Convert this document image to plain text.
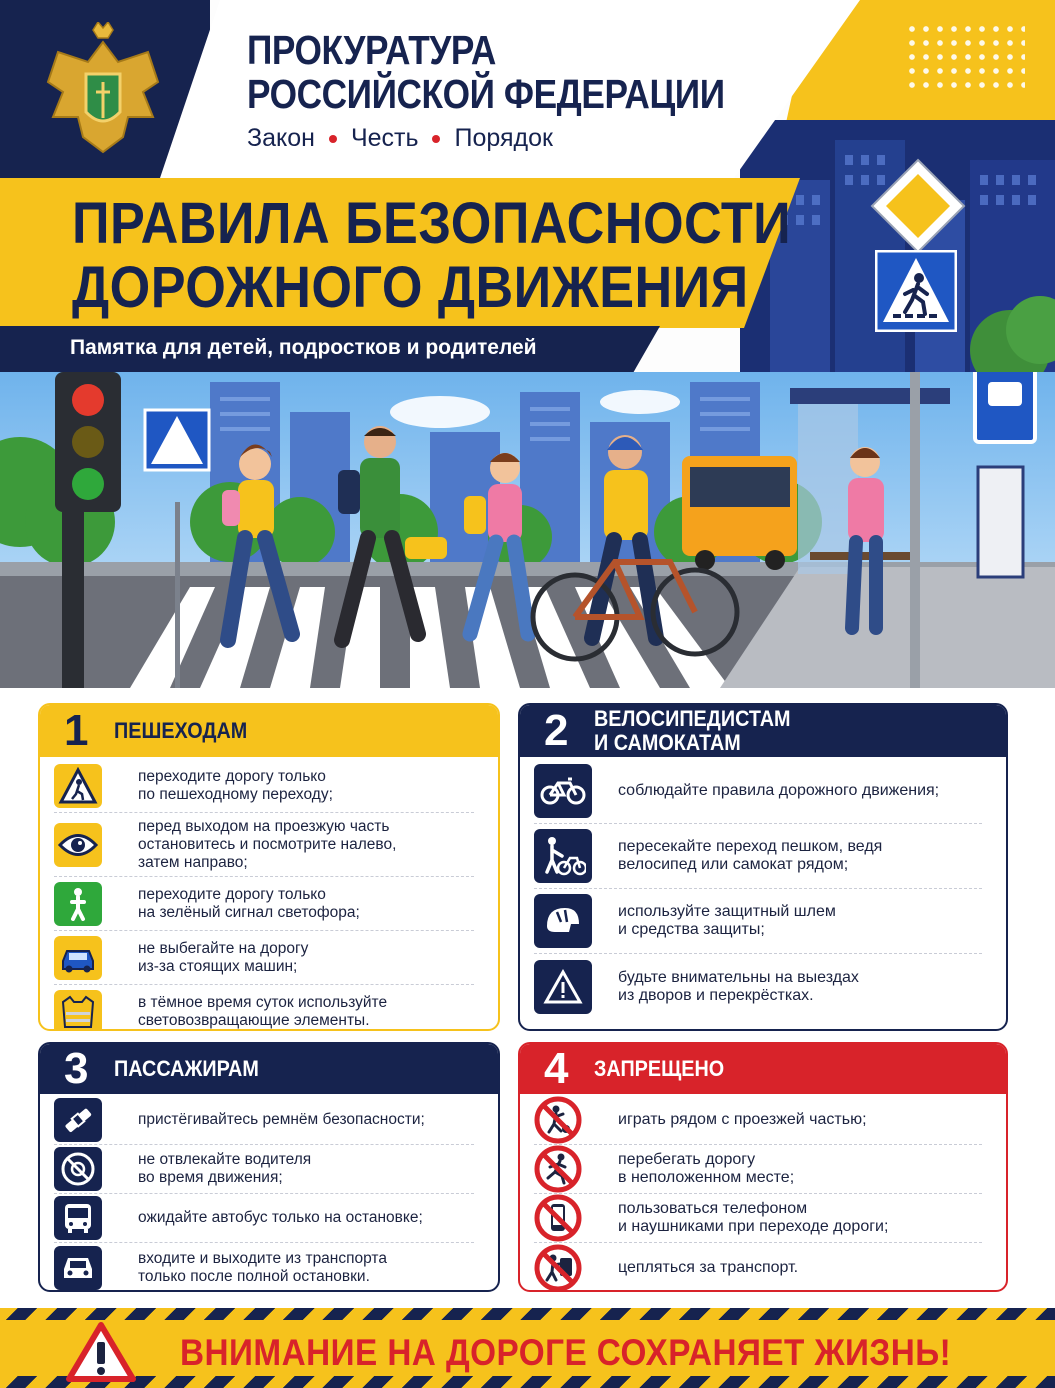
ПРОКУРАТУРА
РОССИЙСКОЙ ФЕДЕРАЦИИ
Закон Честь Порядок
ПРАВИЛА БЕЗОПАСНОСТИ
ДОРОЖНОГО ДВИЖЕНИЯ
Памятка для детей, подростков и родителей
1	ПЕШЕХОДАМ
переходите дорогу только
по пешеходному переходу;
перед выходом на проезжую часть
остановитесь и посмотрите налево,
затем направо;
переходите дорогу только
на зелёный сигнал светофора;
не выбегайте на дорогу
из-за стоящих машин;
в тёмное время суток используйте
световозвращающие элементы.
2	ВЕЛОСИПЕДИСТАМ
И САМОКАТАМ
соблюдайте правила дорожного движения;
пересекайте переход пешком, ведя
велосипед или самокат рядом;
используйте защитный шлем
и средства защиты;
будьте внимательны на выездах
из дворов и перекрёстках.
3	ПАССАЖИРАМ
пристёгивайтесь ремнём безопасности;
не отвлекайте водителя
во время движения;
ожидайте автобус только на остановке;
входите и выходите из транспорта
только после полной остановки.
4	ЗАПРЕЩЕНО
играть рядом с проезжей частью;
перебегать дорогу
в неположенном месте;
пользоваться телефоном
и наушниками при переходе дороги;
цепляться за транспорт.
ВНИМАНИЕ НА ДОРОГЕ СОХРАНЯЕТ ЖИЗНЬ!
